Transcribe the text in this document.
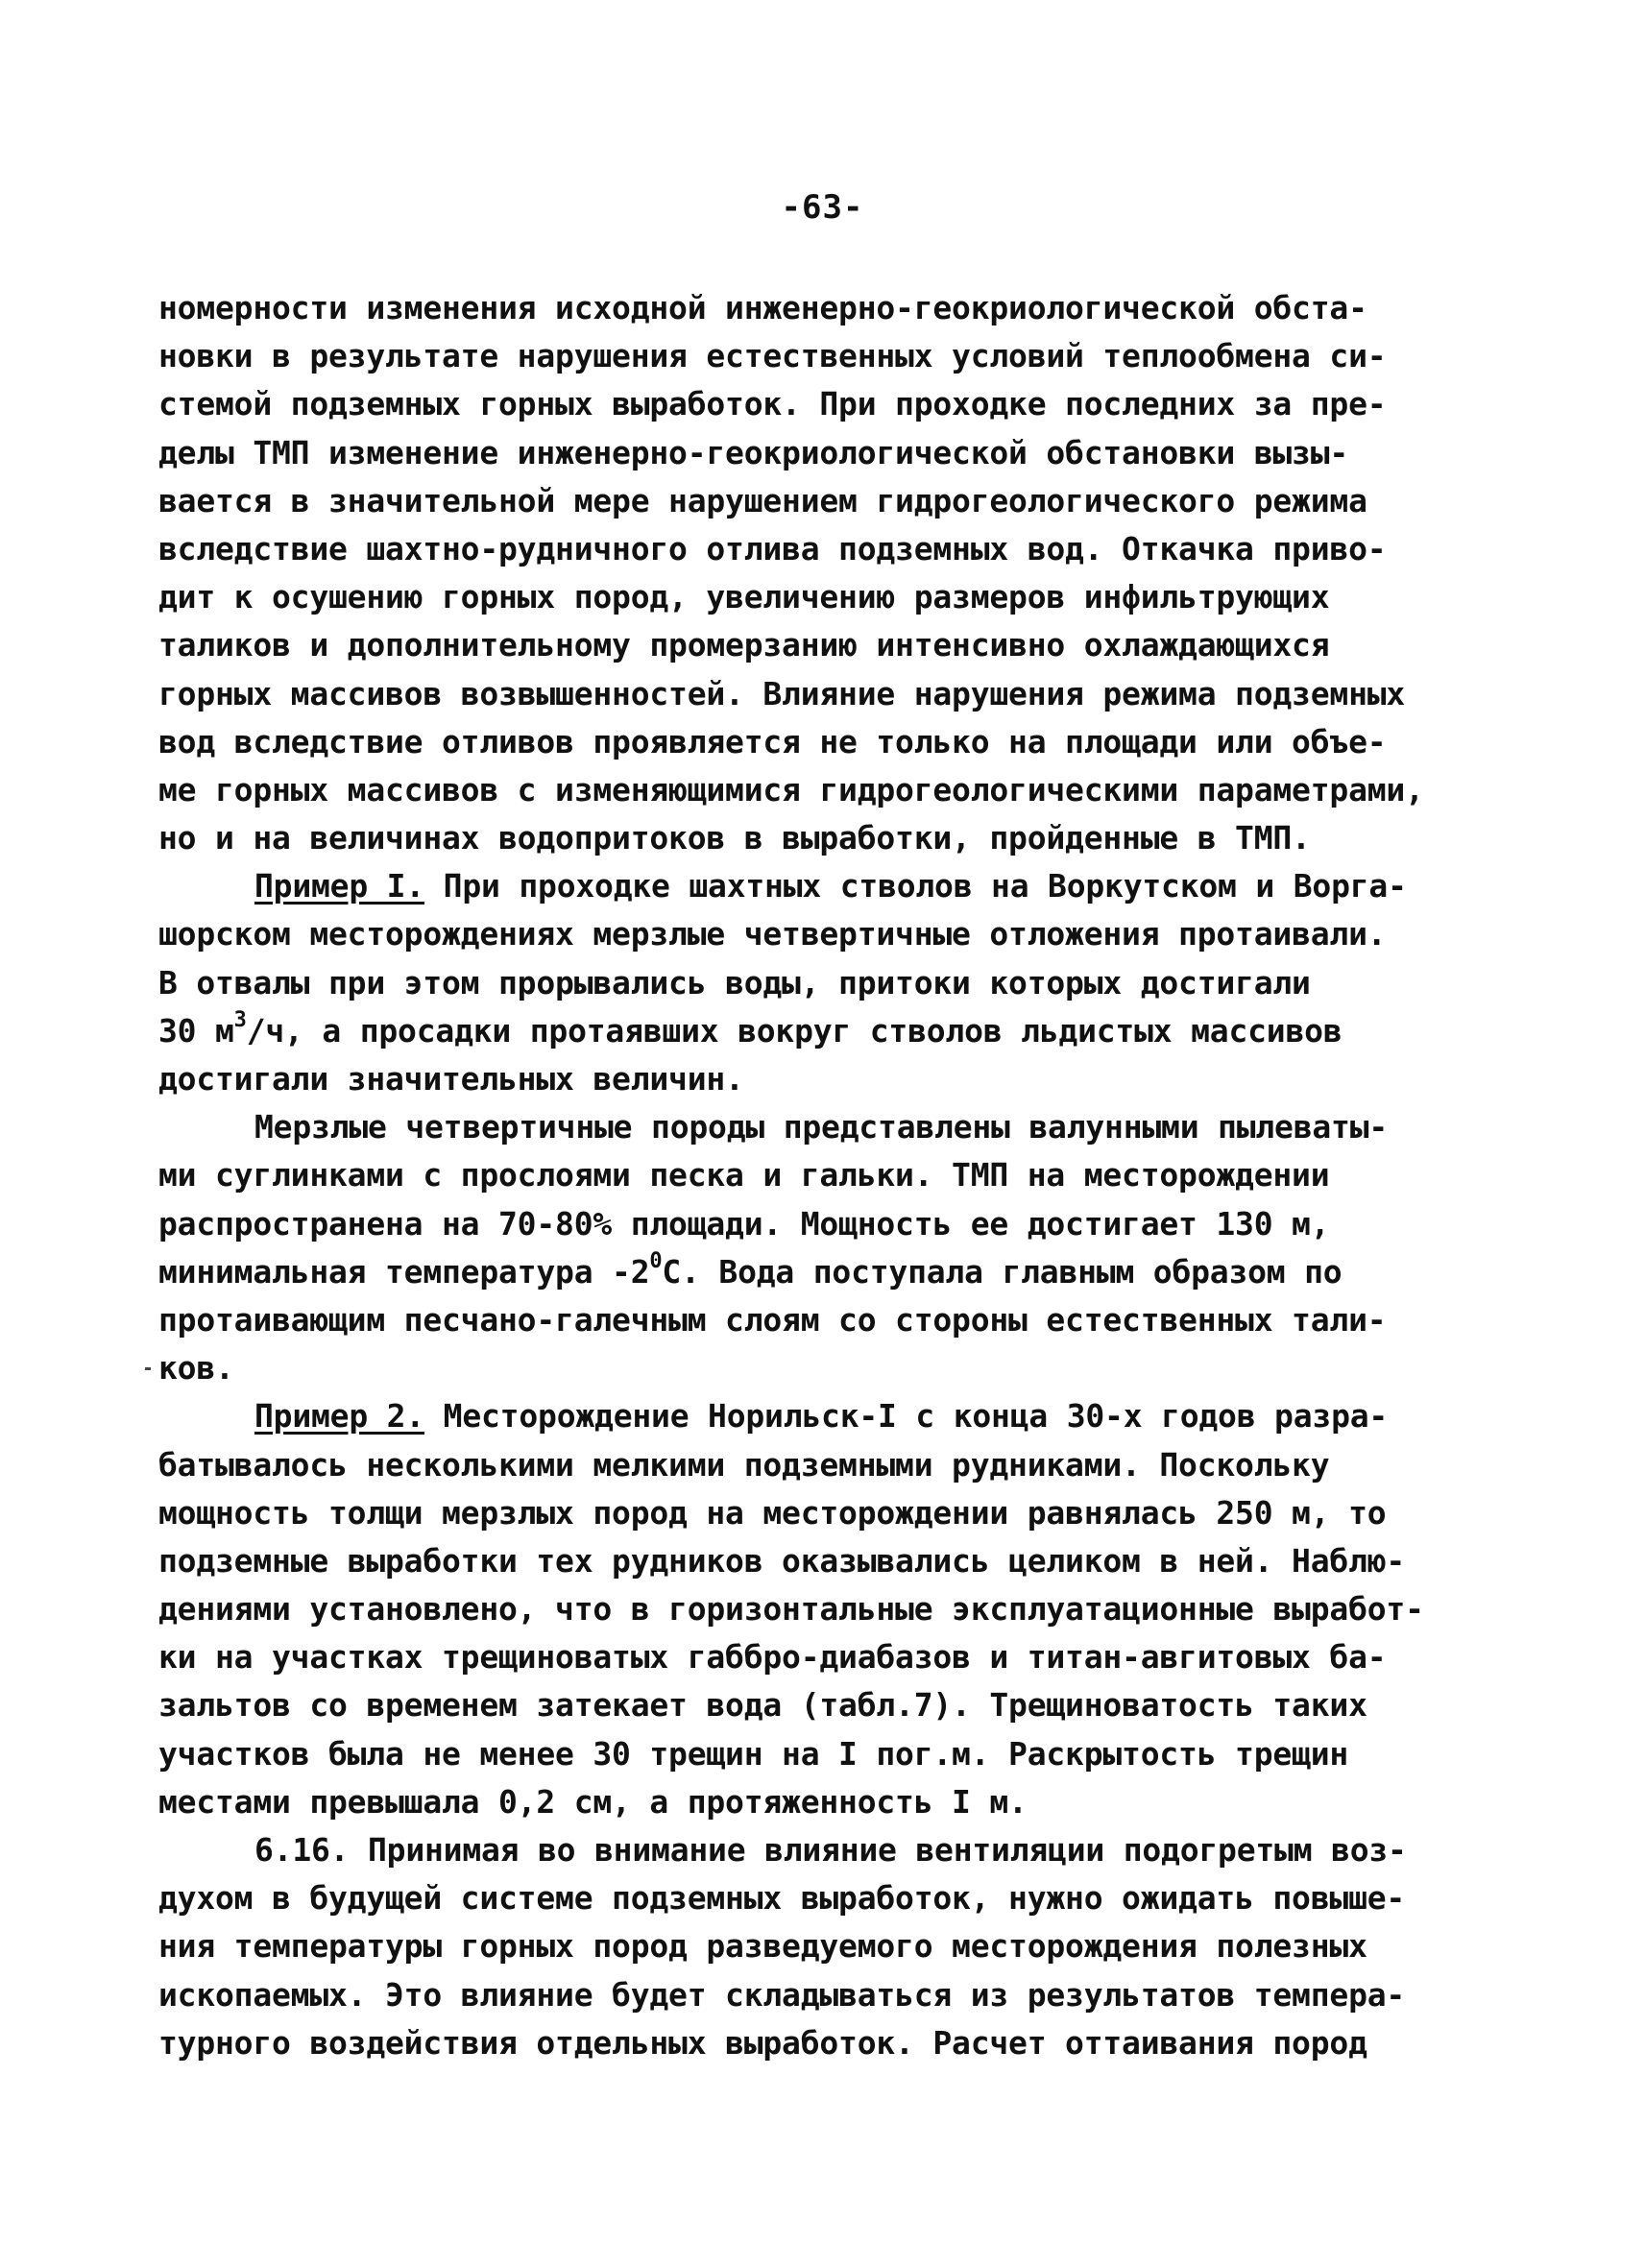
-63-
номерности изменения исходной инженерно-геокриологической обста-
новки в результате нарушения естественных условий теплообмена си-
стемой подземных горных выработок. При проходке последних за пре-
делы ТМП изменение инженерно-геокриологической обстановки вызы-
вается в значительной мере нарушением гидрогеологического режима
вследствие шахтно-рудничного отлива подземных вод. Откачка приво-
дит к осушению горных пород, увеличению размеров инфильтрующих
таликов и дополнительному промерзанию интенсивно охлаждающихся
горных массивов возвышенностей. Влияние нарушения режима подземных
вод вследствие отливов проявляется не только на площади или объе-
ме горных массивов с изменяющимися гидрогеологическими параметрами,
но и на величинах водопритоков в выработки, пройденные в ТМП.
Пример I. При проходке шахтных стволов на Воркутском и Ворга-
шорском месторождениях мерзлые четвертичные отложения протаивали.
В отвалы при этом прорывались воды, притоки которых достигали
30 $м^3/ч$, а просадки протаявших вокруг стволов льдистых массивов
достигали значительных величин.
Мерзлые четвертичные породы представлены валунными пылеваты-
ми суглинками с прослоями песка и гальки. ТМП на месторождении
распространена на 70-80% площади. Мощность ее достигает 130 м,
минимальная температура $-2^0С$. Вода поступала главным образом по
протаивающим песчано-галечным слоям со стороны естественных тали-
ков.
Пример 2. Месторождение Норильск-I с конца 30-х годов разра-
батывалось несколькими мелкими подземными рудниками. Поскольку
мощность толщи мерзлых пород на месторождении равнялась 250 м, то
подземные выработки тех рудников оказывались целиком в ней. Наблю-
дениями установлено, что в горизонтальные эксплуатационные выработ-
ки на участках трещиноватых габбро-диабазов и титан-авгитовых ба-
зальтов со временем затекает вода (табл.7). Трещиноватость таких
участков была не менее 30 трещин на I пог.м. Раскрытость трещин
местами превышала 0,2 см, а протяженность I м.
6.16. Принимая во внимание влияние вентиляции подогретым воз-
духом в будущей системе подземных выработок, нужно ожидать повыше-
ния температуры горных пород разведуемого месторождения полезных
ископаемых. Это влияние будет складываться из результатов темпера-
турного воздействия отдельных выработок. Расчет оттаивания пород
